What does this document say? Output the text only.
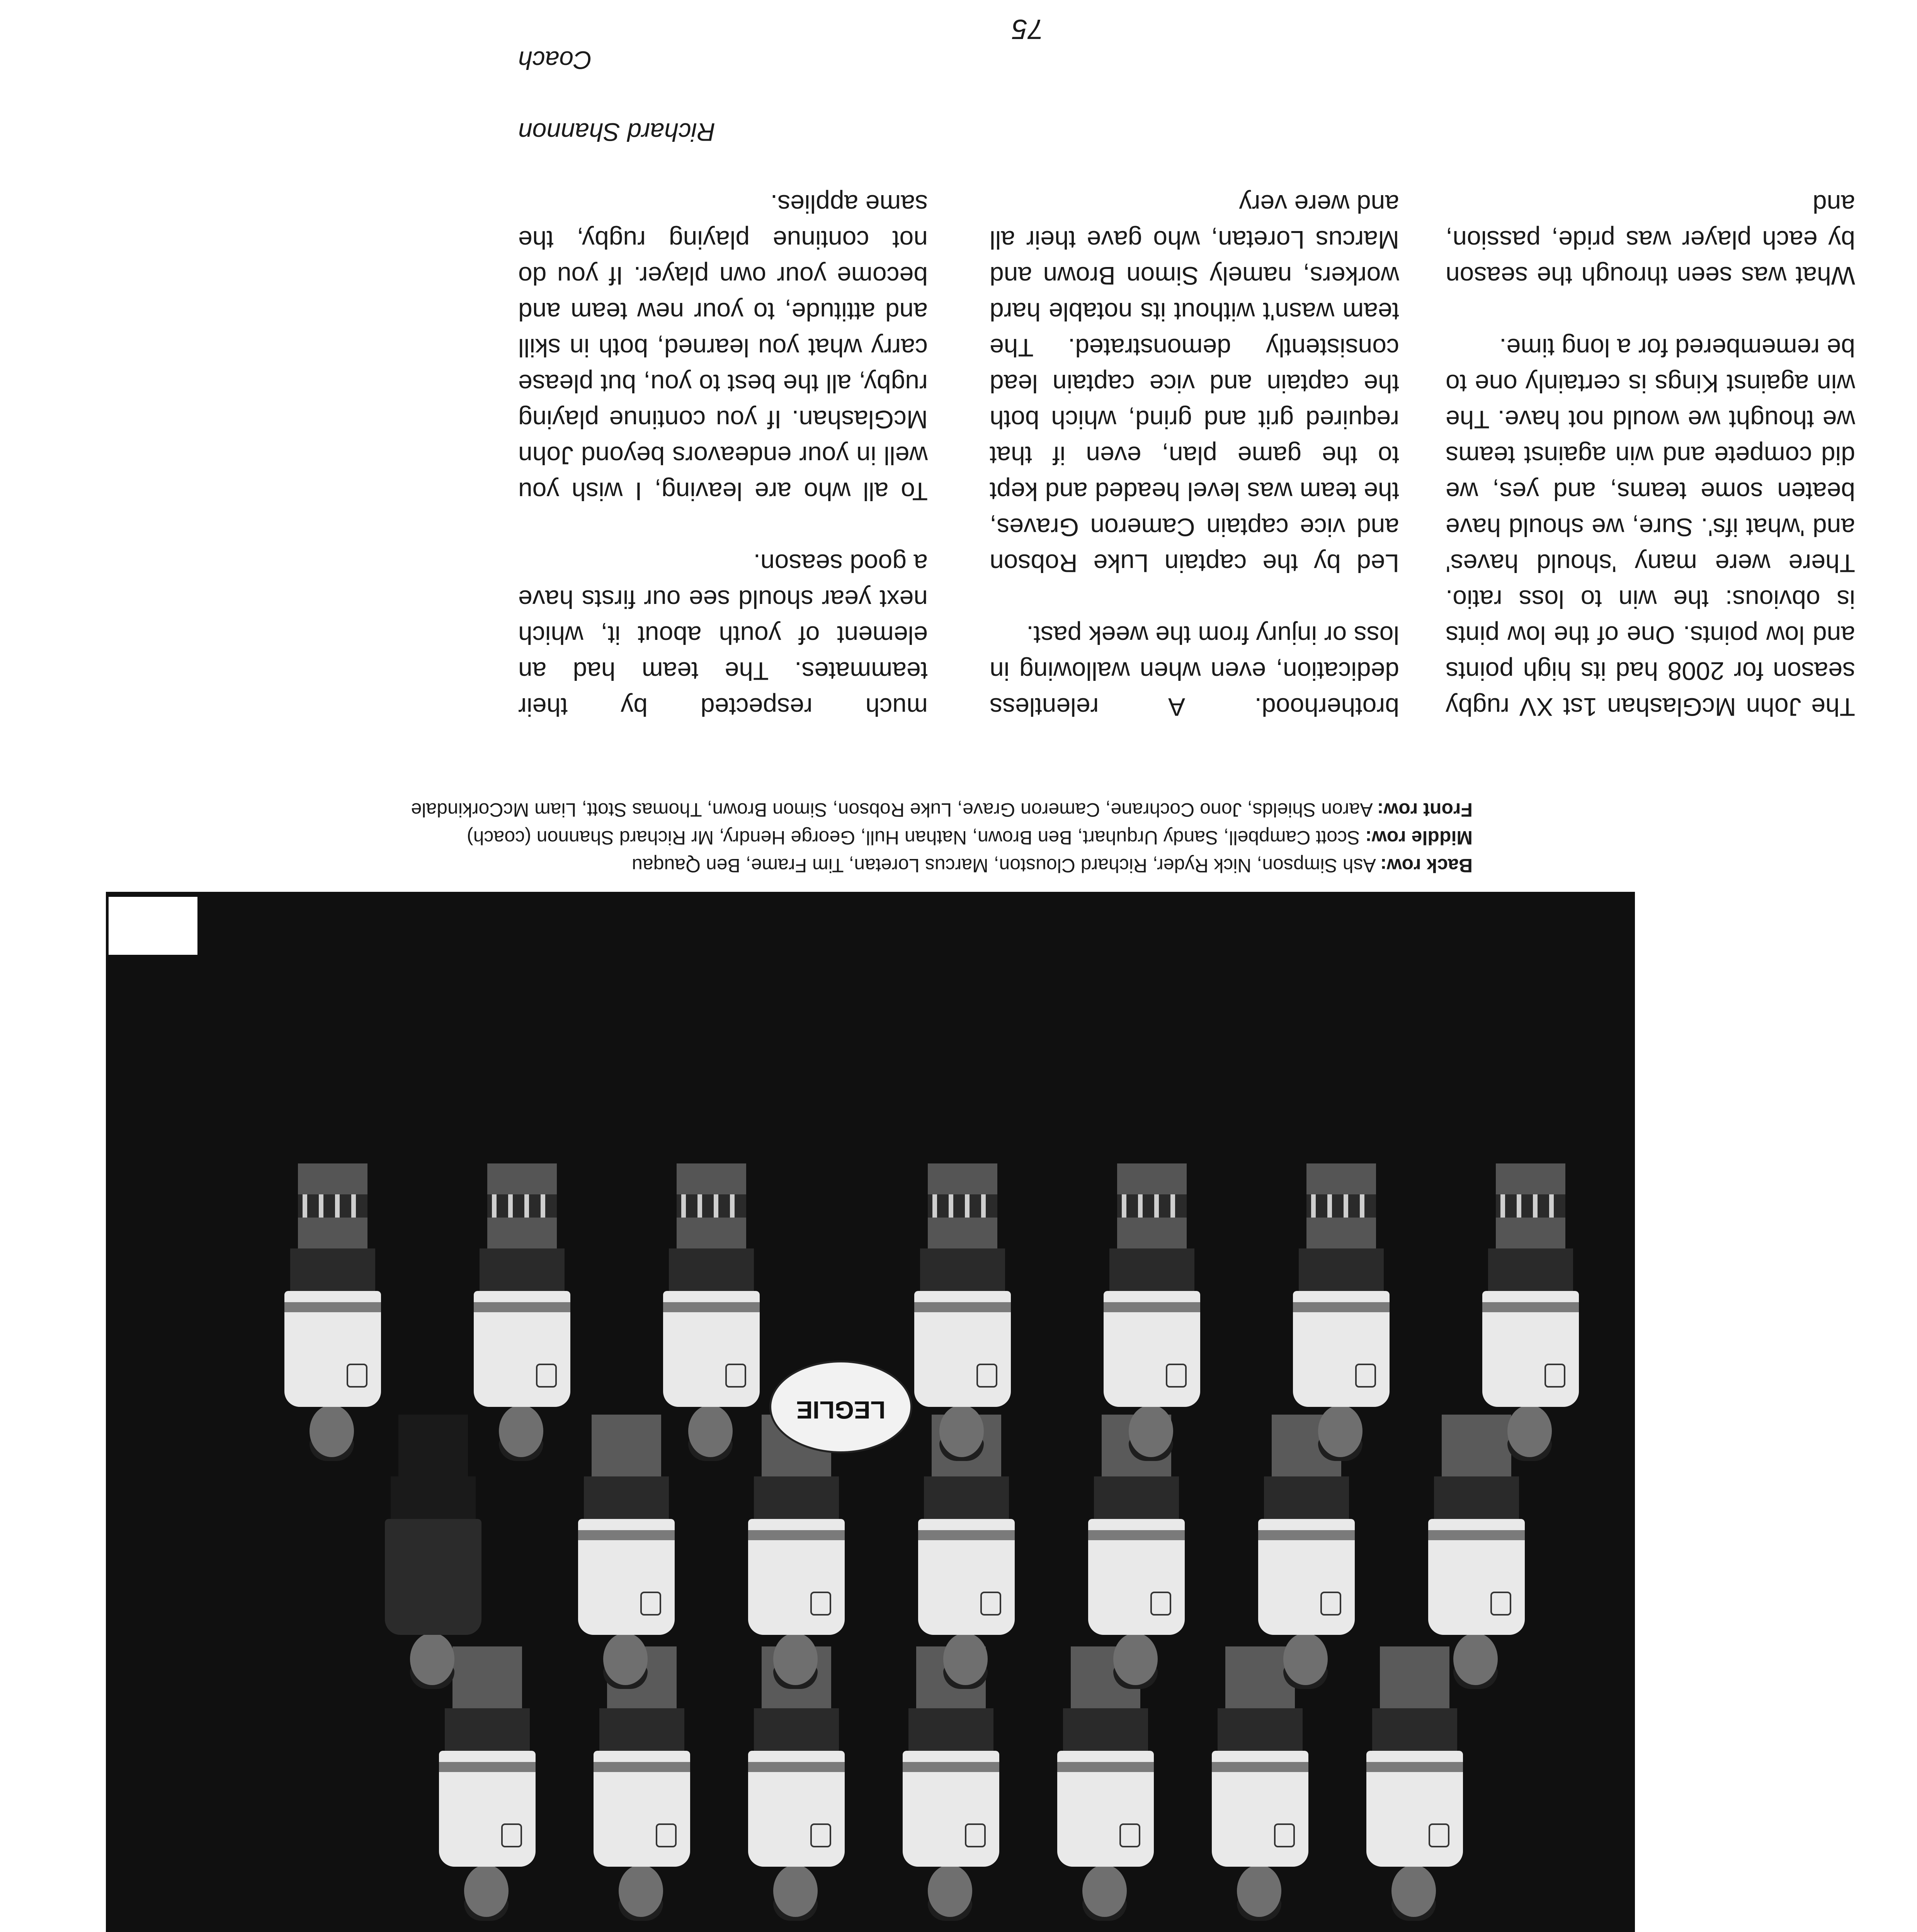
LEGLIE

Back row: Ash Simpson, Nick Ryder, Richard Clouston, Marcus Loretan, Tim Frame, Ben Qauqau

Middle row: Scott Campbell, Sandy Urquhart, Ben Brown, Nathan Hull, George Hendry, Mr Richard Shannon (coach)

Front row: Aaron Shields, Jono Cochrane, Cameron Grave, Luke Robson, Simon Brown, Thomas Stott, Liam McCorkindale

The John McGlashan 1st XV rugby season for 2008 had its high points and low points. One of the low pints is obvious: the win to loss ratio. There were many 'should haves' and 'what ifs'. Sure, we should have beaten some teams, and yes, we did compete and win against teams we thought we would not have. The win against Kings is certainly one to be remembered for a long time.

What was seen through the season by each player was pride, passion, and

brotherhood. A relentless dedication, even when wallowing in loss or injury from the week past.

Led by the captain Luke Robson and vice captain Cameron Graves, the team was level headed and kept to the game plan, even if that required grit and grind, which both the captain and vice captain lead consistently demonstrated. The team wasn't without its notable hard workers, namely Simon Brown and Marcus Loretan, who gave their all and were very

much respected by their teammates. The team had an element of youth about it, which next year should see our firsts have a good season.

To all who are leaving, I wish you well in your endeavors beyond John McGlashan. If you continue playing rugby, all the best to you, but please carry what you learned, both in skill and attitude, to your new team and become your own player. If you do not continue playing rugby, the same applies.

Richard Shannon

Coach

75
